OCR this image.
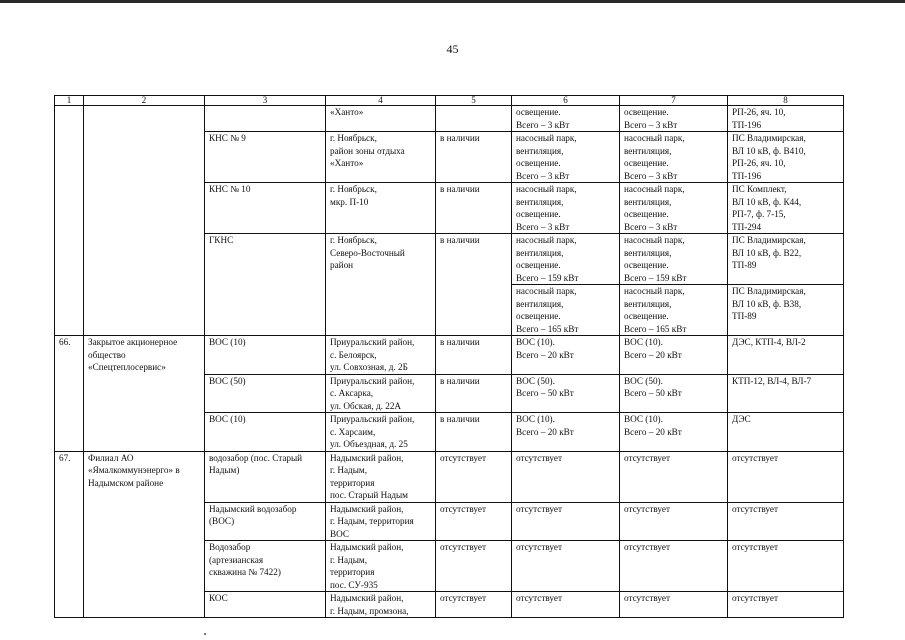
45
1	2	3	4	5	6	7	8
			«Ханто»		освещение.
Всего – 3 кВт	освещение.
Всего – 3 кВт	РП-26, яч. 10,
ТП-196
		КНС № 9	г. Ноябрьск,
район зоны отдыха
«Ханто»	в наличии	насосный парк,
вентиляция,
освещение.
Всего – 3 кВт	насосный парк,
вентиляция,
освещение.
Всего – 3 кВт	ПС Владимирская,
ВЛ 10 кВ, ф. В410,
РП-26, яч. 10,
ТП-196
		КНС № 10	г. Ноябрьск,
мкр. П-10	в наличии	насосный парк,
вентиляция,
освещение.
Всего – 3 кВт	насосный парк,
вентиляция,
освещение.
Всего – 3 кВт	ПС Комплект,
ВЛ 10 кВ, ф. К44,
РП-7, ф. 7-15,
ТП-294
		ГКНС	г. Ноябрьск,
Северо-Восточный
район	в наличии	насосный парк,
вентиляция,
освещение.
Всего – 159 кВт	насосный парк,
вентиляция,
освещение.
Всего – 159 кВт	ПС Владимирская,
ВЛ 10 кВ, ф. В22,
ТП-89
					насосный парк,
вентиляция,
освещение.
Всего – 165 кВт	насосный парк,
вентиляция,
освещение.
Всего – 165 кВт	ПС Владимирская,
ВЛ 10 кВ, ф. В38,
ТП-89
66.	Закрытое акционерное
общество
«Спецтеплосервис»	ВОС (10)	Приуральский район,
с. Белоярск,
ул. Совхозная, д. 2Б	в наличии	ВОС (10).
Всего – 20 кВт	ВОС (10).
Всего – 20 кВт	ДЭС, КТП-4, ВЛ-2
		ВОС (50)	Приуральский район,
с. Аксарка,
ул. Обская, д. 22А	в наличии	ВОС (50).
Всего – 50 кВт	ВОС (50).
Всего – 50 кВт	КТП-12, ВЛ-4, ВЛ-7
		ВОС (10)	Приуральский район,
с. Харсаим,
ул. Объездная, д. 25	в наличии	ВОС (10).
Всего – 20 кВт	ВОС (10).
Всего – 20 кВт	ДЭС
67.	Филиал АО
«Ямалкоммунэнерго» в
Надымском районе	водозабор (пос. Старый
Надым)	Надымский район,
г. Надым,
территория
пос. Старый Надым	отсутствует	отсутствует	отсутствует	отсутствует
		Надымский водозабор
(ВОС)	Надымский район,
г. Надым, территория
ВОС	отсутствует	отсутствует	отсутствует	отсутствует
		Водозабор
(артезианская
скважина № 7422)	Надымский район,
г. Надым,
территория
пос. СУ-935	отсутствует	отсутствует	отсутствует	отсутствует
		КОС	Надымский район,
г. Надым, промзона,	отсутствует	отсутствует	отсутствует	отсутствует
